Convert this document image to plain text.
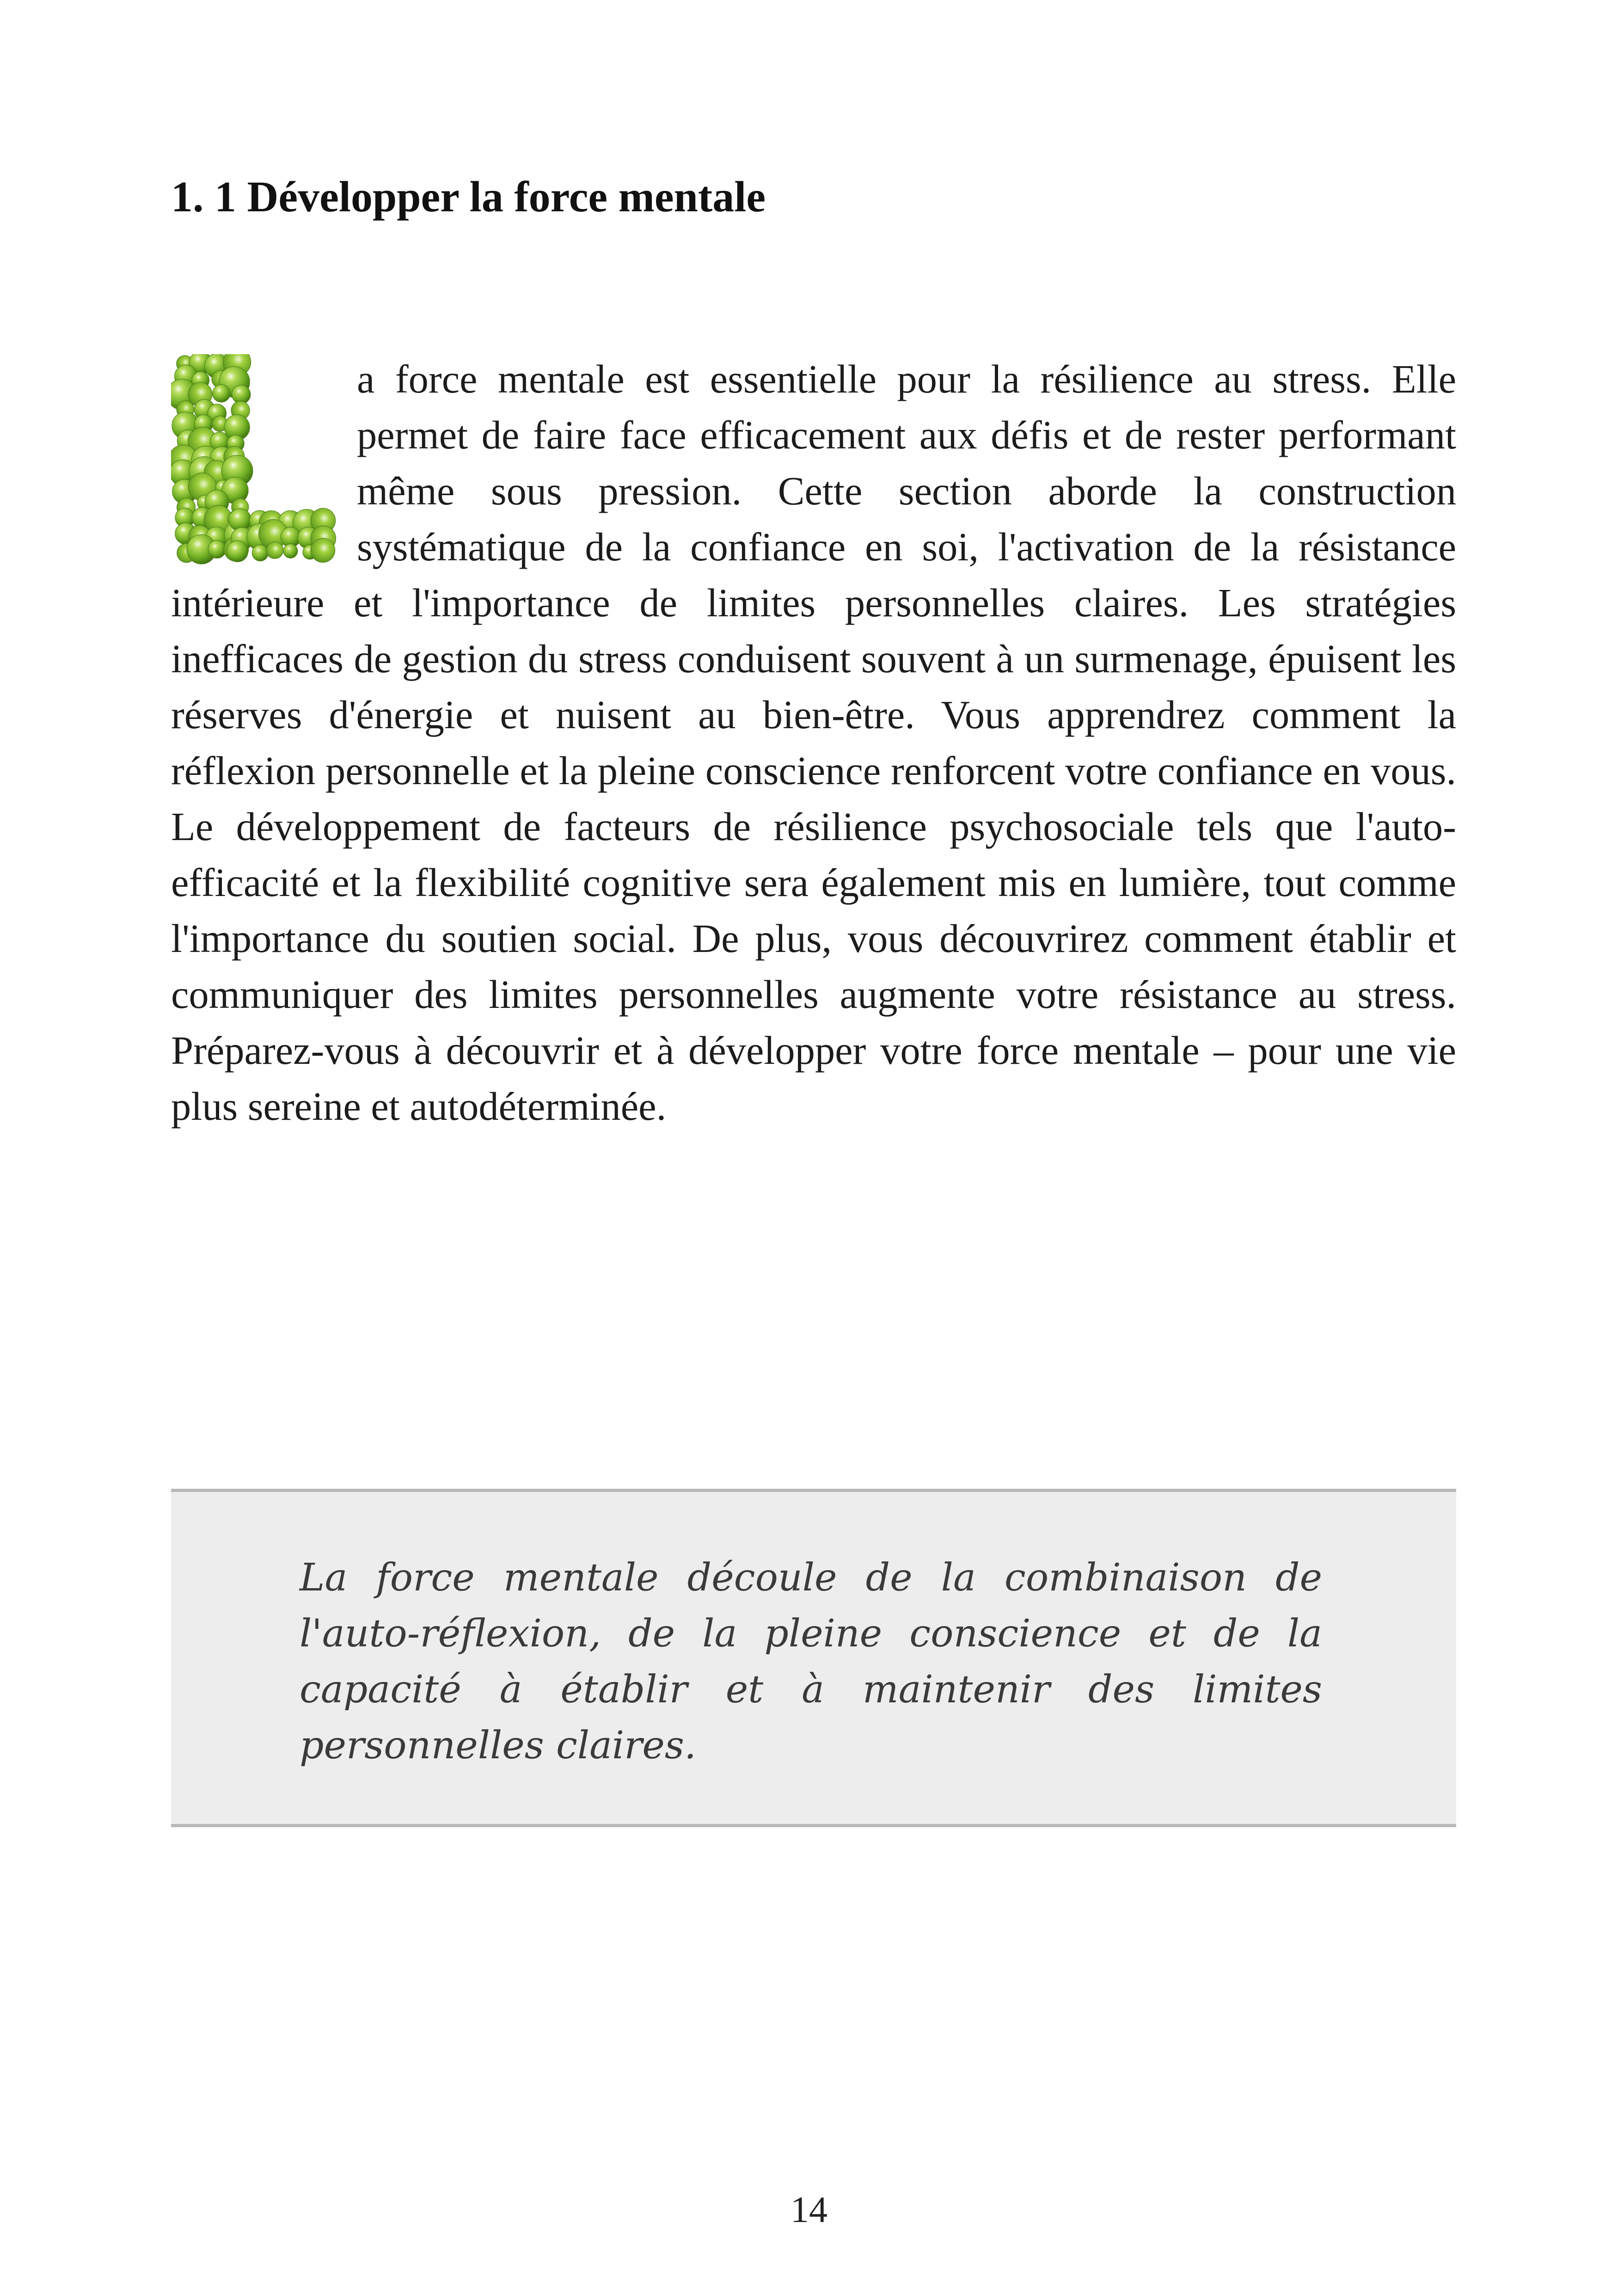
1. 1 Développer la force mentale

a force mentale est essentielle pour la résilience au stress. Elle permet de faire face efficacement aux défis et de rester performant même sous pression. Cette section aborde la construction systématique de la confiance en soi, l'activation de la résistance intérieure et l'importance de limites personnelles claires. Les stratégies inefficaces de gestion du stress conduisent souvent à un surmenage, épuisent les réserves d'énergie et nuisent au bien-être. Vous apprendrez comment la réflexion personnelle et la pleine conscience renforcent votre confiance en vous. Le développement de facteurs de résilience psychosociale tels que l'auto-efficacité et la flexibilité cognitive sera également mis en lumière, tout comme l'importance du soutien social. De plus, vous découvrirez comment établir et communiquer des limites personnelles augmente votre résistance au stress. Préparez-vous à découvrir et à développer votre force mentale – pour une vie plus sereine et autodéterminée.

La force mentale découle de la combinaison de l'auto-réflexion, de la pleine conscience et de la capacité à établir et à maintenir des limites personnelles claires.

14
